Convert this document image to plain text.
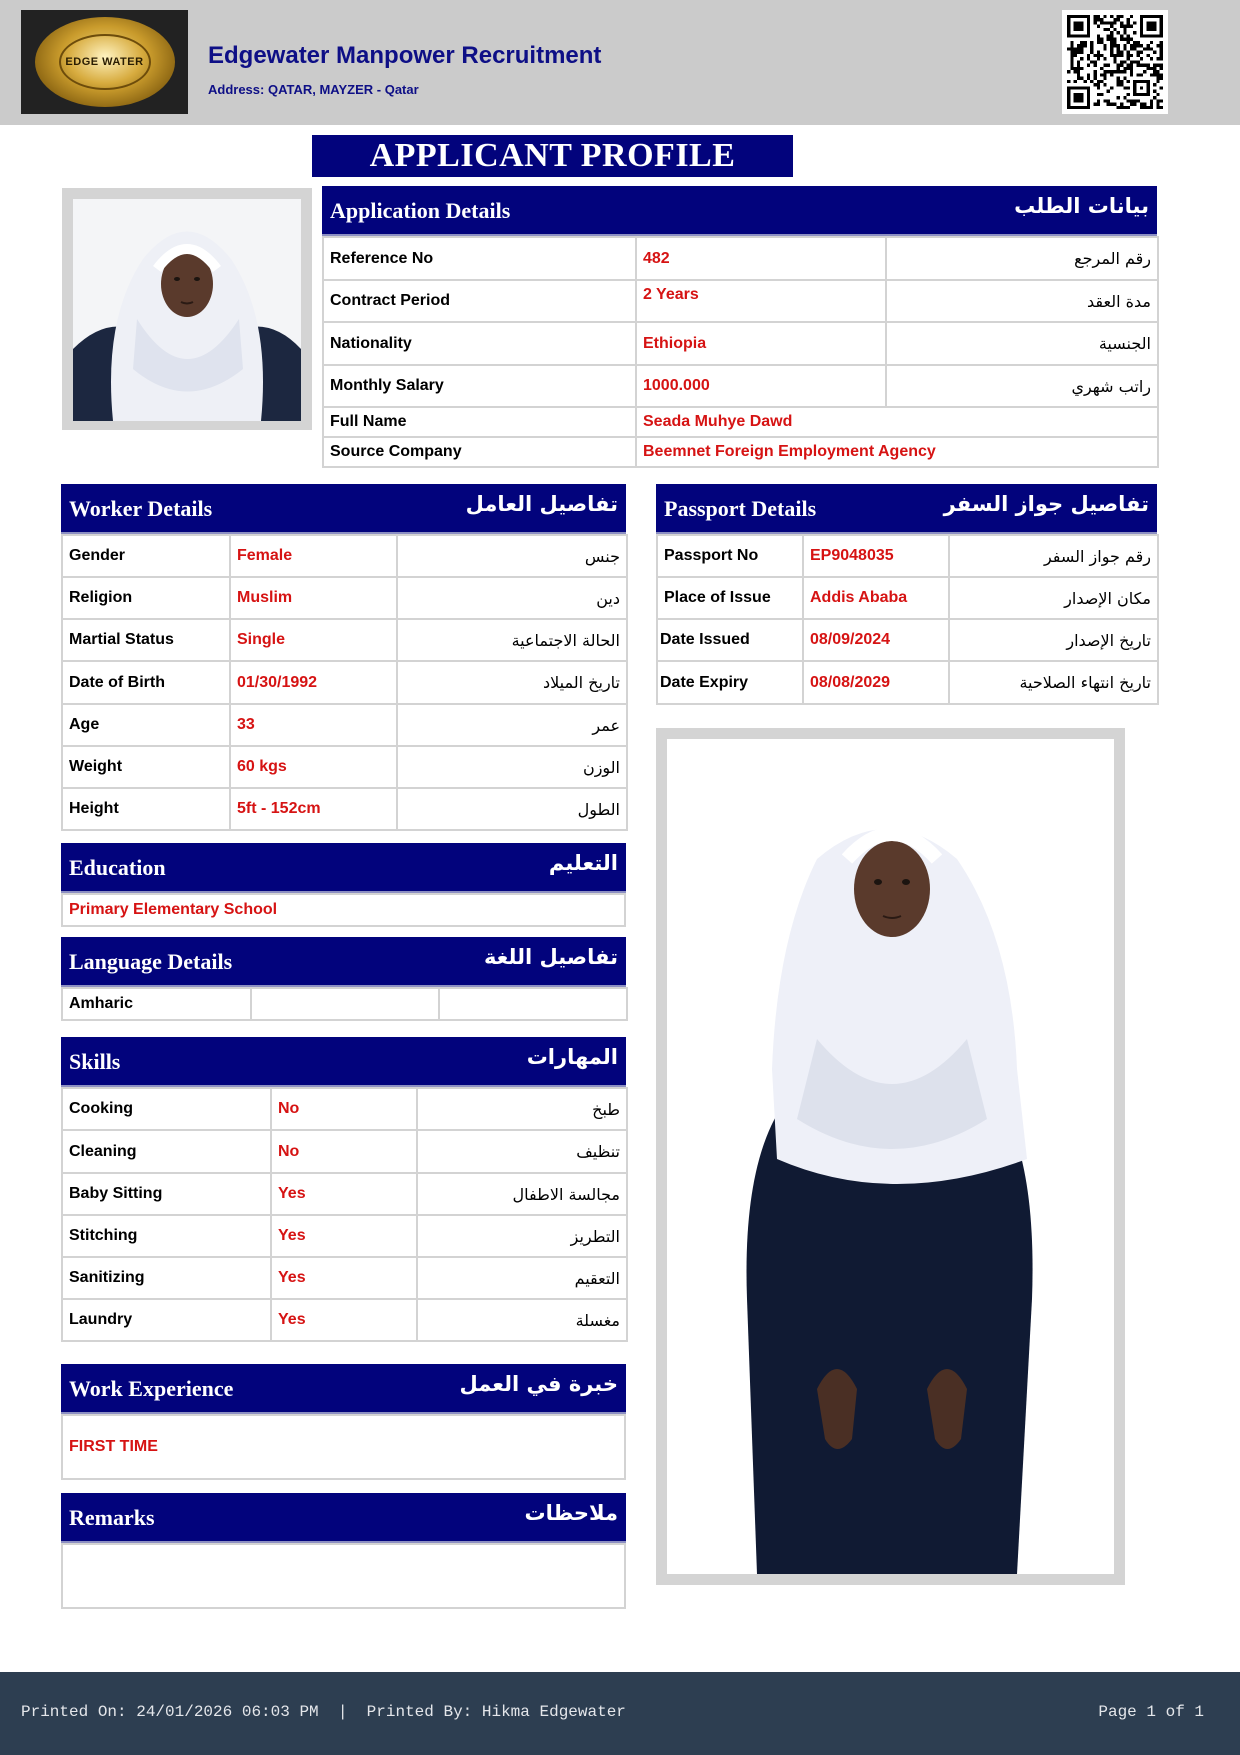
EDGE WATER	Edgewater Manpower Recruitment
Address: QATAR, MAYZER - Qatar
APPLICANT PROFILE
Application Details	بيانات الطلب
Reference No	482	رقم المرجع
Contract Period	2 Years	مدة العقد
Nationality	Ethiopia	الجنسية
Monthly Salary	1000.000	راتب شهري
Full Name	Seada Muhye Dawd	
Source Company	Beemnet Foreign Employment Agency	
Worker Details	تفاصيل العامل
Gender	Female	جنس
Religion	Muslim	دين
Martial Status	Single	الحالة الاجتماعية
Date of Birth	01/30/1992	تاريخ الميلاد
Age	33	عمر
Weight	60 kgs	الوزن
Height	5ft - 152cm	الطول
Passport Details	تفاصيل جواز السفر
Passport No	EP9048035	رقم جواز السفر
Place of Issue	Addis Ababa	مكان الإصدار
Date Issued	08/09/2024	تاريخ الإصدار
Date Expiry	08/08/2029	تاريخ انتهاء الصلاحية
Education	التعليم
Primary Elementary School
Language Details	تفاصيل اللغة
Amharic		
Skills	المهارات
Cooking	No	طبخ
Cleaning	No	تنظيف
Baby Sitting	Yes	مجالسة الاطفال
Stitching	Yes	التطريز
Sanitizing	Yes	التعقيم
Laundry	Yes	مغسلة
Work Experience	خبرة في العمل
FIRST TIME
Remarks	ملاحظات
Printed On: 24/01/2026 06:03 PM  |  Printed By: Hikma Edgewater	Page 1 of 1
